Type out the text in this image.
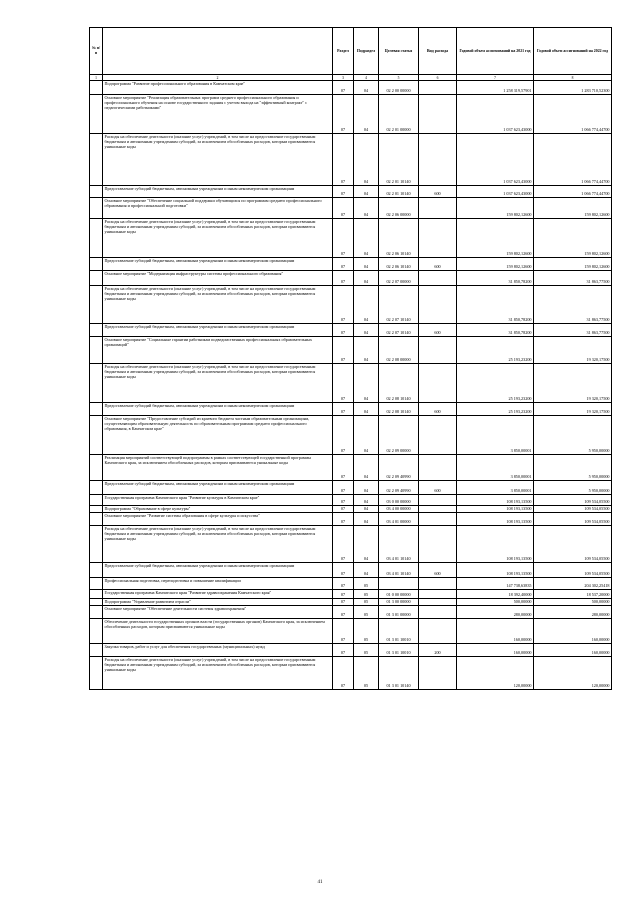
№ п/п		Раздел	Подраздел	Целевая статья	Вид расхода	Годовой объем ассигнований на 2021 год	Годовой объем ассигнований на 2022 год
1	2	3	4	5	6	7	8
	Подпрограмма "Развитие профессионального образования в Камчатском крае"	07	04	02 2 00 00000		1 258 319,57901	1 283 710,52300
	Основное мероприятие "Реализация образовательных программ среднего профессионального образования и профессионального обучения на основе государственного задания с учетом выхода на "эффективный контракт" с педагогическими работниками"	07	04	02 2 01 00000		1 037 623,43000	1 066 774,44700
	Расходы на обеспечение деятельности (оказание услуг) учреждений, в том числе на предоставление государственным бюджетным и автономным учреждениям субсидий, за исключением обособленных расходов, которым присваиваются уникальные коды	07	04	02 2 01 10140		1 037 623,43000	1 066 774,44700
	Предоставление субсидий бюджетным, автономным учреждениям и иным некоммерческим организациям	07	04	02 2 01 10140	600	1 037 623,43000	1 066 774,44700
	Основное мероприятие "Обеспечение социальной поддержки обучающихся по программам среднего профессионального образования и профессиональной подготовки"	07	04	02 2 06 00000		159 802,12600	159 802,12600
	Расходы на обеспечение деятельности (оказание услуг) учреждений, в том числе на предоставление государственным бюджетным и автономным учреждениям субсидий, за исключением обособленных расходов, которым присваиваются уникальные коды	07	04	02 2 06 10140		159 802,12600	159 802,12600
	Предоставление субсидий бюджетным, автономным учреждениям и иным некоммерческим организациям	07	04	02 2 06 10140	600	159 802,12600	159 802,12600
	Основное мероприятие "Модернизация инфраструктуры системы профессионального образования"	07	04	02 2 07 00000		31 850,78200	31 863,77500
	Расходы на обеспечение деятельности (оказание услуг) учреждений, в том числе на предоставление государственным бюджетным и автономным учреждениям субсидий, за исключением обособленных расходов, которым присваиваются уникальные коды	07	04	02 2 07 10140		31 850,78200	31 863,77500
	Предоставление субсидий бюджетным, автономным учреждениям и иным некоммерческим организациям	07	04	02 2 07 10140	600	31 850,78200	31 863,77500
	Основное мероприятие "Социальные гарантии работникам подведомственных профессиональных образовательных организаций"	07	04	02 2 08 00000		25 193,23200	19 320,17500
	Расходы на обеспечение деятельности (оказание услуг) учреждений, в том числе на предоставление государственным бюджетным и автономным учреждениям субсидий, за исключением обособленных расходов, которым присваиваются уникальные коды	07	04	02 2 08 10140		25 193,23200	19 320,17500
	Предоставление субсидий бюджетным, автономным учреждениям и иным некоммерческим организациям	07	04	02 2 08 10140	600	25 193,23200	19 320,17500
	Основное мероприятие "Предоставление субсидий из краевого бюджета частным образовательным организациям, осуществляющим образовательную деятельность по образовательным программам среднего профессионального образования, в Камчатском крае"	07	04	02 2 09 00000		3 850,00001	5 950,00000
	Реализация мероприятий соответствующей подпрограммы в рамках соответствующей государственной программы Камчатского края, за исключением обособленных расходов, которым присваиваются уникальные коды	07	04	02 2 09 40990		3 850,00001	5 950,00000
	Предоставление субсидий бюджетным, автономным учреждениям и иным некоммерческим организациям	07	04	02 2 09 40990	600	3 850,00001	5 950,00000
	Государственная программа Камчатского края "Развитие культуры в Камчатском крае"	07	04	03 0 00 00000		108 193,13500	109 534,05500
	Подпрограмма "Образование в сфере культуры"	07	04	03 4 00 00000		108 193,13500	109 534,05500
	Основное мероприятие "Развитие системы образования в сфере культуры и искусства"	07	04	03 4 01 00000		108 193,13500	109 534,05500
	Расходы на обеспечение деятельности (оказание услуг) учреждений, в том числе на предоставление государственным бюджетным и автономным учреждениям субсидий, за исключением обособленных расходов, которым присваиваются уникальные коды	07	04	03 4 01 10140		108 193,13500	109 534,05500
	Предоставление субсидий бюджетным, автономным учреждениям и иным некоммерческим организациям	07	04	03 4 01 10140	600	108 193,13500	109 534,05500
	Профессиональная подготовка, переподготовка и повышение квалификации	07	05			147 738,63835	204 302,25418
	Государственная программа Камчатского края "Развитие здравоохранения Камчатского края"	07	05	01 0 00 00000		18 392,40000	18 537,20000
	Подпрограмма "Управление развитием отрасли"	07	05	01 3 00 00000		500,00000	500,00000
	Основное мероприятие "Обеспечение деятельности системы здравоохранения"	07	05	01 3 01 00000		280,00000	280,00000
	Обеспечение деятельности государственных органов власти (государственных органов) Камчатского края, за исключением обособленных расходов, которым присваиваются уникальные коды	07	05	01 3 01 10010		160,00000	160,00000
	Закупка товаров, работ и услуг для обеспечения государственных (муниципальных) нужд	07	05	01 3 01 10010	200	160,00000	160,00000
	Расходы на обеспечение деятельности (оказание услуг) учреждений, в том числе на предоставление государственным бюджетным и автономным учреждениям субсидий, за исключением обособленных расходов, которым присваиваются уникальные коды	07	05	01 3 01 10140		120,00000	120,00000
41
